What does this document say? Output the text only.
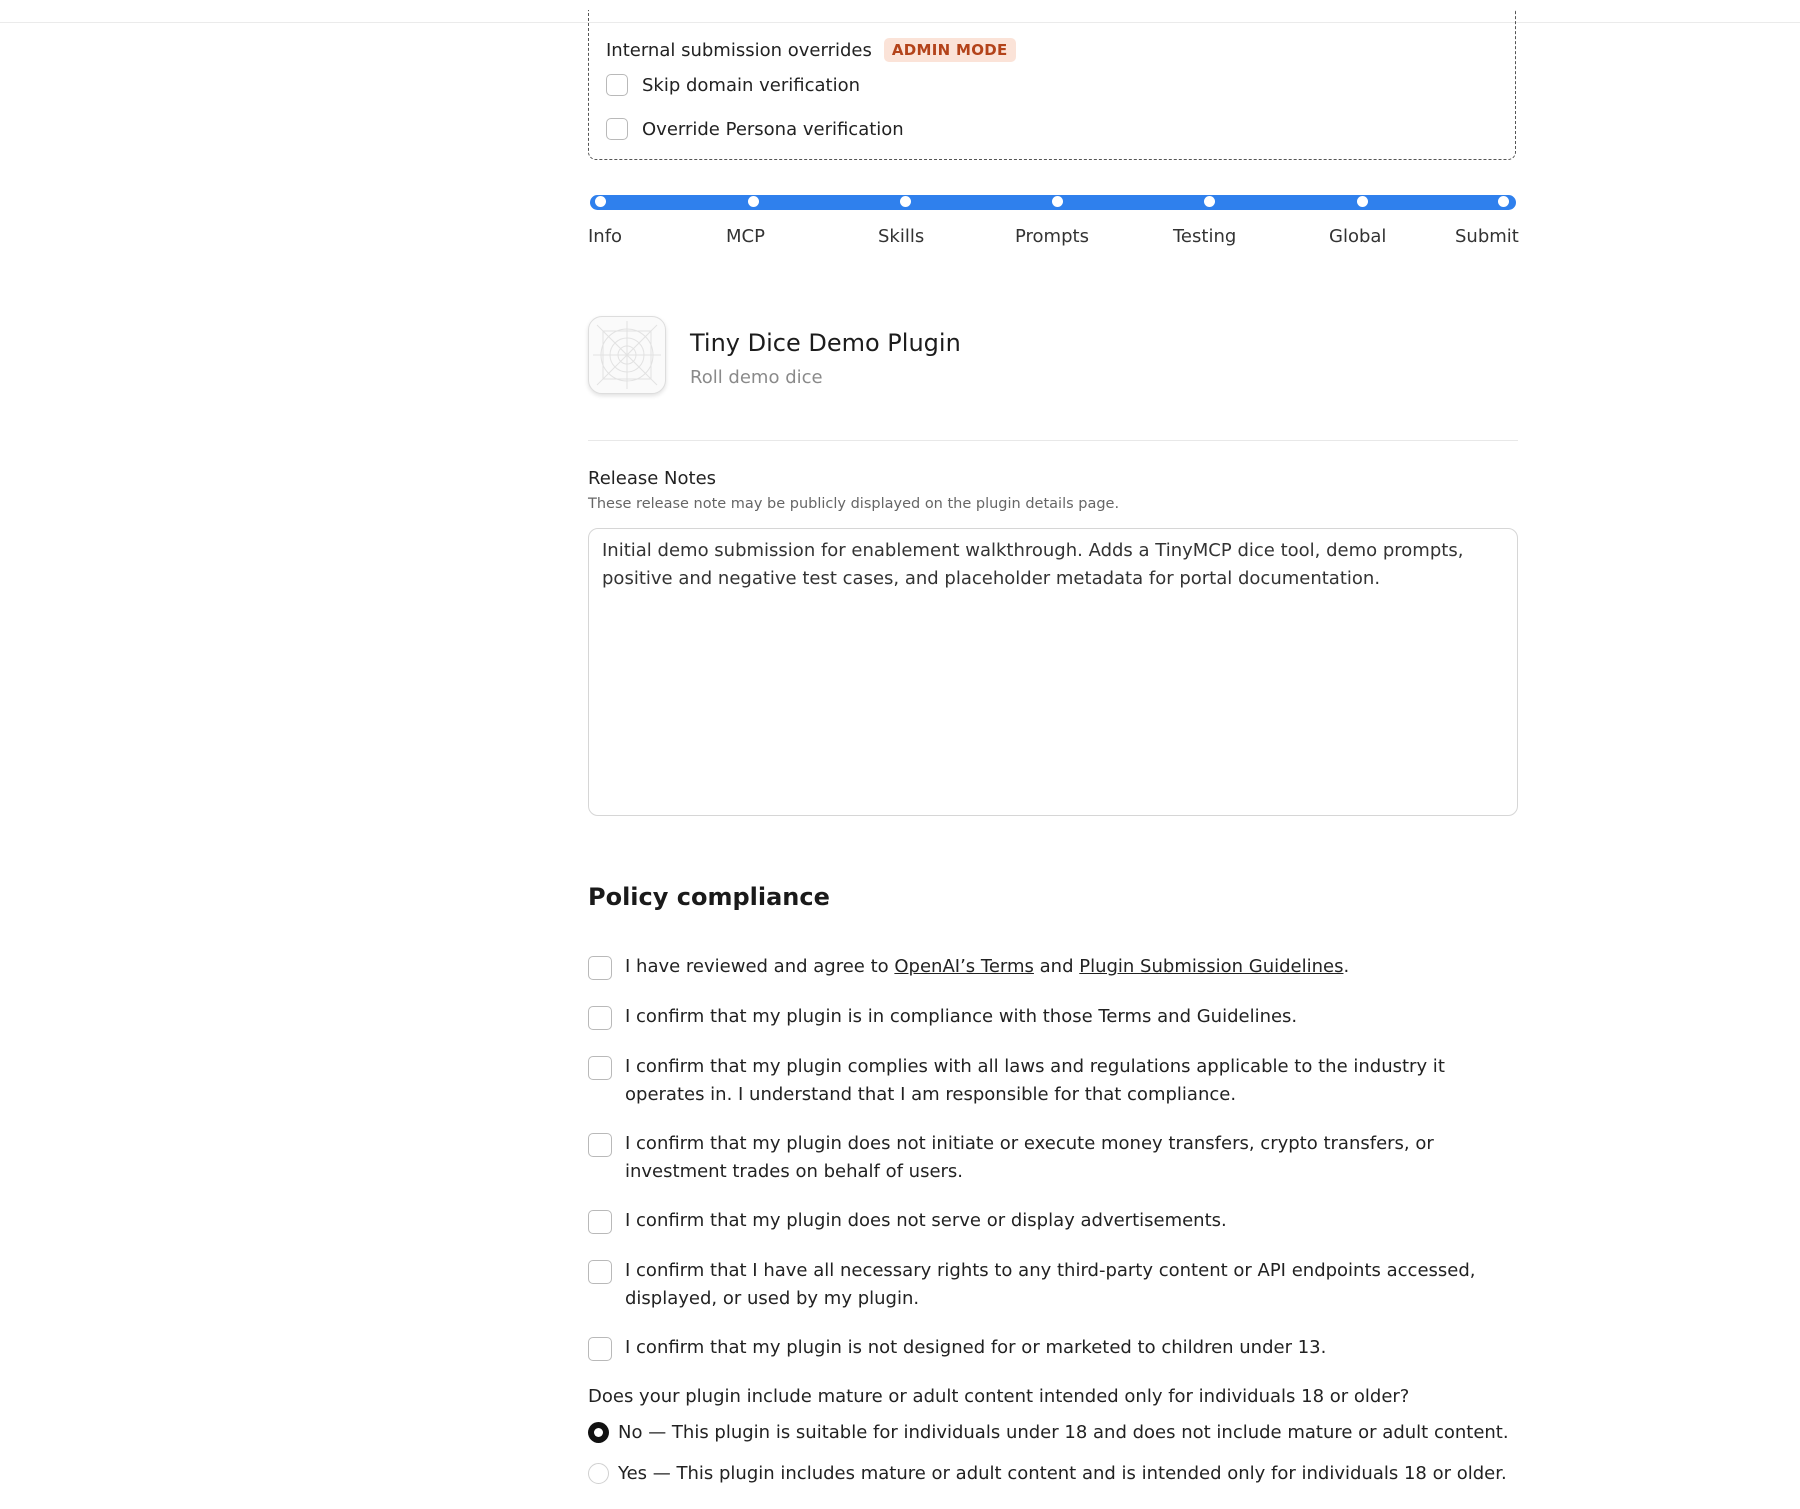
Internal submission overrides	ADMIN MODE
Skip domain verification
Override Persona verification
Info	MCP	Skills	Prompts	Testing	Global	Submit
Tiny Dice Demo Plugin
Roll demo dice
Release Notes
These release note may be publicly displayed on the plugin details page.
Initial demo submission for enablement walkthrough. Adds a TinyMCP dice tool, demo prompts, positive and negative test cases, and placeholder metadata for portal documentation.
Policy compliance
I have reviewed and agree to OpenAI’s Terms and Plugin Submission Guidelines.
I confirm that my plugin is in compliance with those Terms and Guidelines.
I confirm that my plugin complies with all laws and regulations applicable to the industry it operates in. I understand that I am responsible for that compliance.
I confirm that my plugin does not initiate or execute money transfers, crypto transfers, or investment trades on behalf of users.
I confirm that my plugin does not serve or display advertisements.
I confirm that I have all necessary rights to any third-party content or API endpoints accessed, displayed, or used by my plugin.
I confirm that my plugin is not designed for or marketed to children under 13.
Does your plugin include mature or adult content intended only for individuals 18 or older?
No — This plugin is suitable for individuals under 18 and does not include mature or adult content.
Yes — This plugin includes mature or adult content and is intended only for individuals 18 or older.
